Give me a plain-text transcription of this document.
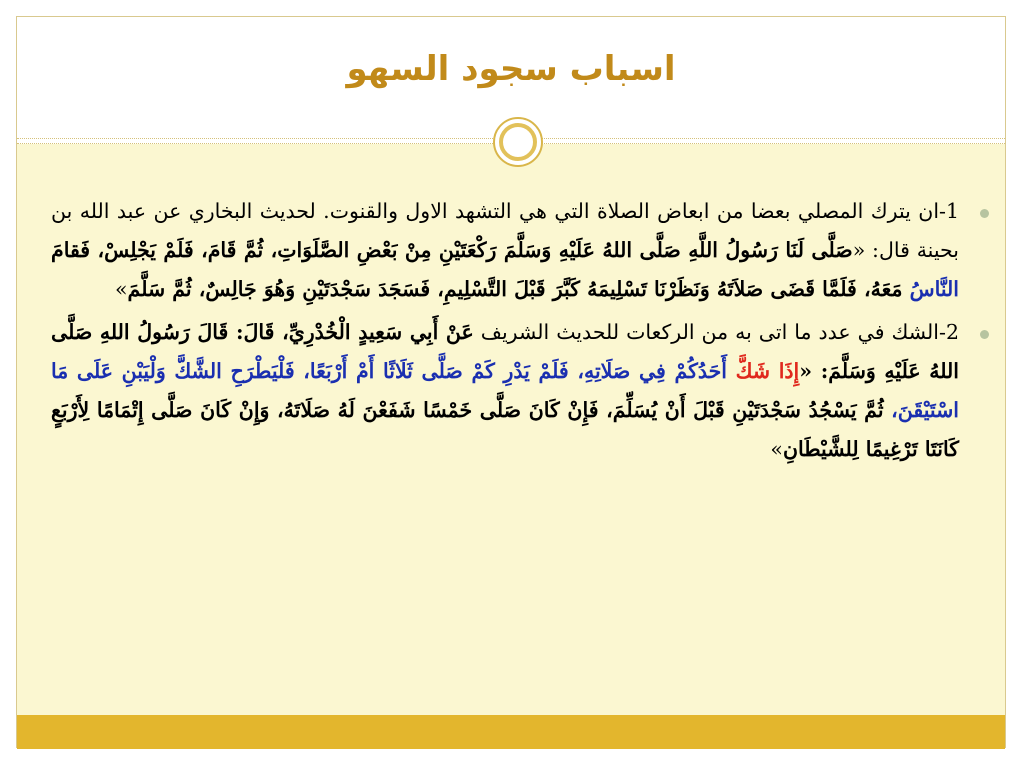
اسباب سجود السهو
1-ان يترك المصلي بعضا من ابعاض الصلاة التي هي التشهد الاول والقنوت. لحديث البخاري عن عبد الله بن بحينة قال: «صَلَّى لَنَا رَسُولُ اللَّهِ صَلَّى اللهُ عَلَيْهِ وَسَلَّمَ رَكْعَتَيْنِ مِنْ بَعْضِ الصَّلَوَاتِ، ثُمَّ قَامَ، فَلَمْ يَجْلِسْ، فَقامَ النَّاسُ مَعَهُ، فَلَمَّا قَضَى صَلاَتَهُ وَنَظَرْنَا تَسْلِيمَهُ كَبَّرَ قَبْلَ التَّسْلِيمِ، فَسَجَدَ سَجْدَتَيْنِ وَهُوَ جَالِسٌ، ثُمَّ سَلَّمَ»
2-الشك في عدد ما اتى به من الركعات للحديث الشريف عَنْ أَبِي سَعِيدٍ الْخُدْرِيِّ، قَالَ: قَالَ رَسُولُ اللهِ صَلَّى اللهُ عَلَيْهِ وَسَلَّمَ: «إِذَا شَكَّ أَحَدُكُمْ فِي صَلَاتِهِ، فَلَمْ يَدْرِ كَمْ صَلَّى ثَلَاثًا أَمْ أَرْبَعًا، فَلْيَطْرَحِ الشَّكَّ وَلْيَبْنِ عَلَى مَا اسْتَيْقَنَ، ثُمَّ يَسْجُدُ سَجْدَتَيْنِ قَبْلَ أَنْ يُسَلِّمَ، فَإِنْ كَانَ صَلَّى خَمْسًا شَفَعْنَ لَهُ صَلَاتَهُ، وَإِنْ كَانَ صَلَّى إِتْمَامًا لِأَرْبَعٍ كَانَتَا تَرْغِيمًا لِلشَّيْطَانِ»
